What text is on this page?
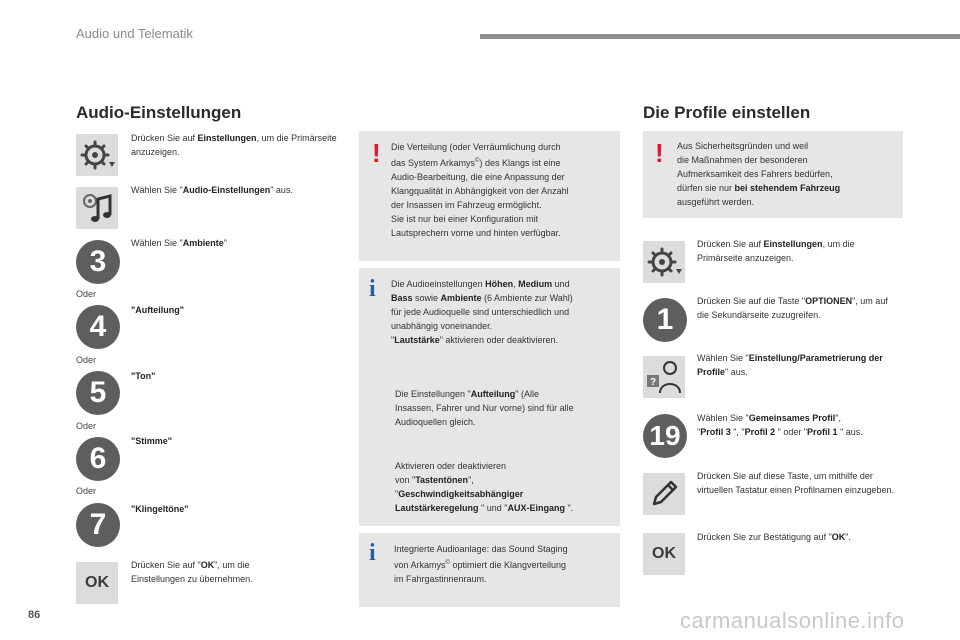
Audio und Telematik
Audio-Einstellungen
Drücken Sie auf Einstellungen, um die Primärseite anzuzeigen.
Wählen Sie "Audio-Einstellungen" aus.
3
Wählen Sie "Ambiente"
Oder
4	"Aufteilung"
Oder
5	"Ton"
Oder
6
"Stimme"
Oder
7	"Klingeltöne"
OK
Drücken Sie auf "OK", um die Einstellungen zu übernehmen.
! Die Verteilung (oder Verräumlichung durch
das System Arkamys©) des Klangs ist eine
Audio-Bearbeitung, die eine Anpassung der
Klangqualität in Abhängigkeit von der Anzahl
der Insassen im Fahrzeug ermöglicht.
Sie ist nur bei einer Konfiguration mit
Lautsprechern vorne und hinten verfügbar.
i Die Audioeinstellungen Höhen, Medium und
Bass sowie Ambiente (6 Ambiente zur Wahl)
für jede Audioquelle sind unterschiedlich und
unabhängig voneinander.
"Lautstärke" aktivieren oder deaktivieren.
Die Einstellungen "Aufteilung" (Alle
Insassen, Fahrer und Nur vorne) sind für alle
Audioquellen gleich.
Aktivieren oder deaktivieren
von "Tastentönen",
"Geschwindigkeitsabhängiger
Lautstärkeregelung " und "AUX-Eingang ".
i Integrierte Audioanlage: das Sound Staging
von Arkamys© optimiert die Klangverteilung
im Fahrgastinnenraum.
Die Profile einstellen
! Aus Sicherheitsgründen und weil
die Maßnahmen der besonderen
Aufmerksamkeit des Fahrers bedürfen,
dürfen sie nur bei stehendem Fahrzeug
ausgeführt werden.
Drücken Sie auf Einstellungen, um die Primärseite anzuzeigen.
1
Drücken Sie auf die Taste "OPTIONEN", um auf die Sekundärseite zuzugreifen.
?
Wählen Sie "Einstellung/Parametrierung der Profile" aus.
19
Wählen Sie "Gemeinsames Profil",
"Profil 3 ", "Profil 2 " oder "Profil 1 " aus.
Drücken Sie auf diese Taste, um mithilfe der virtuellen Tastatur einen Profilnamen einzugeben.
OK
Drücken Sie zur Bestätigung auf "OK".
86	carmanualsonline.info
